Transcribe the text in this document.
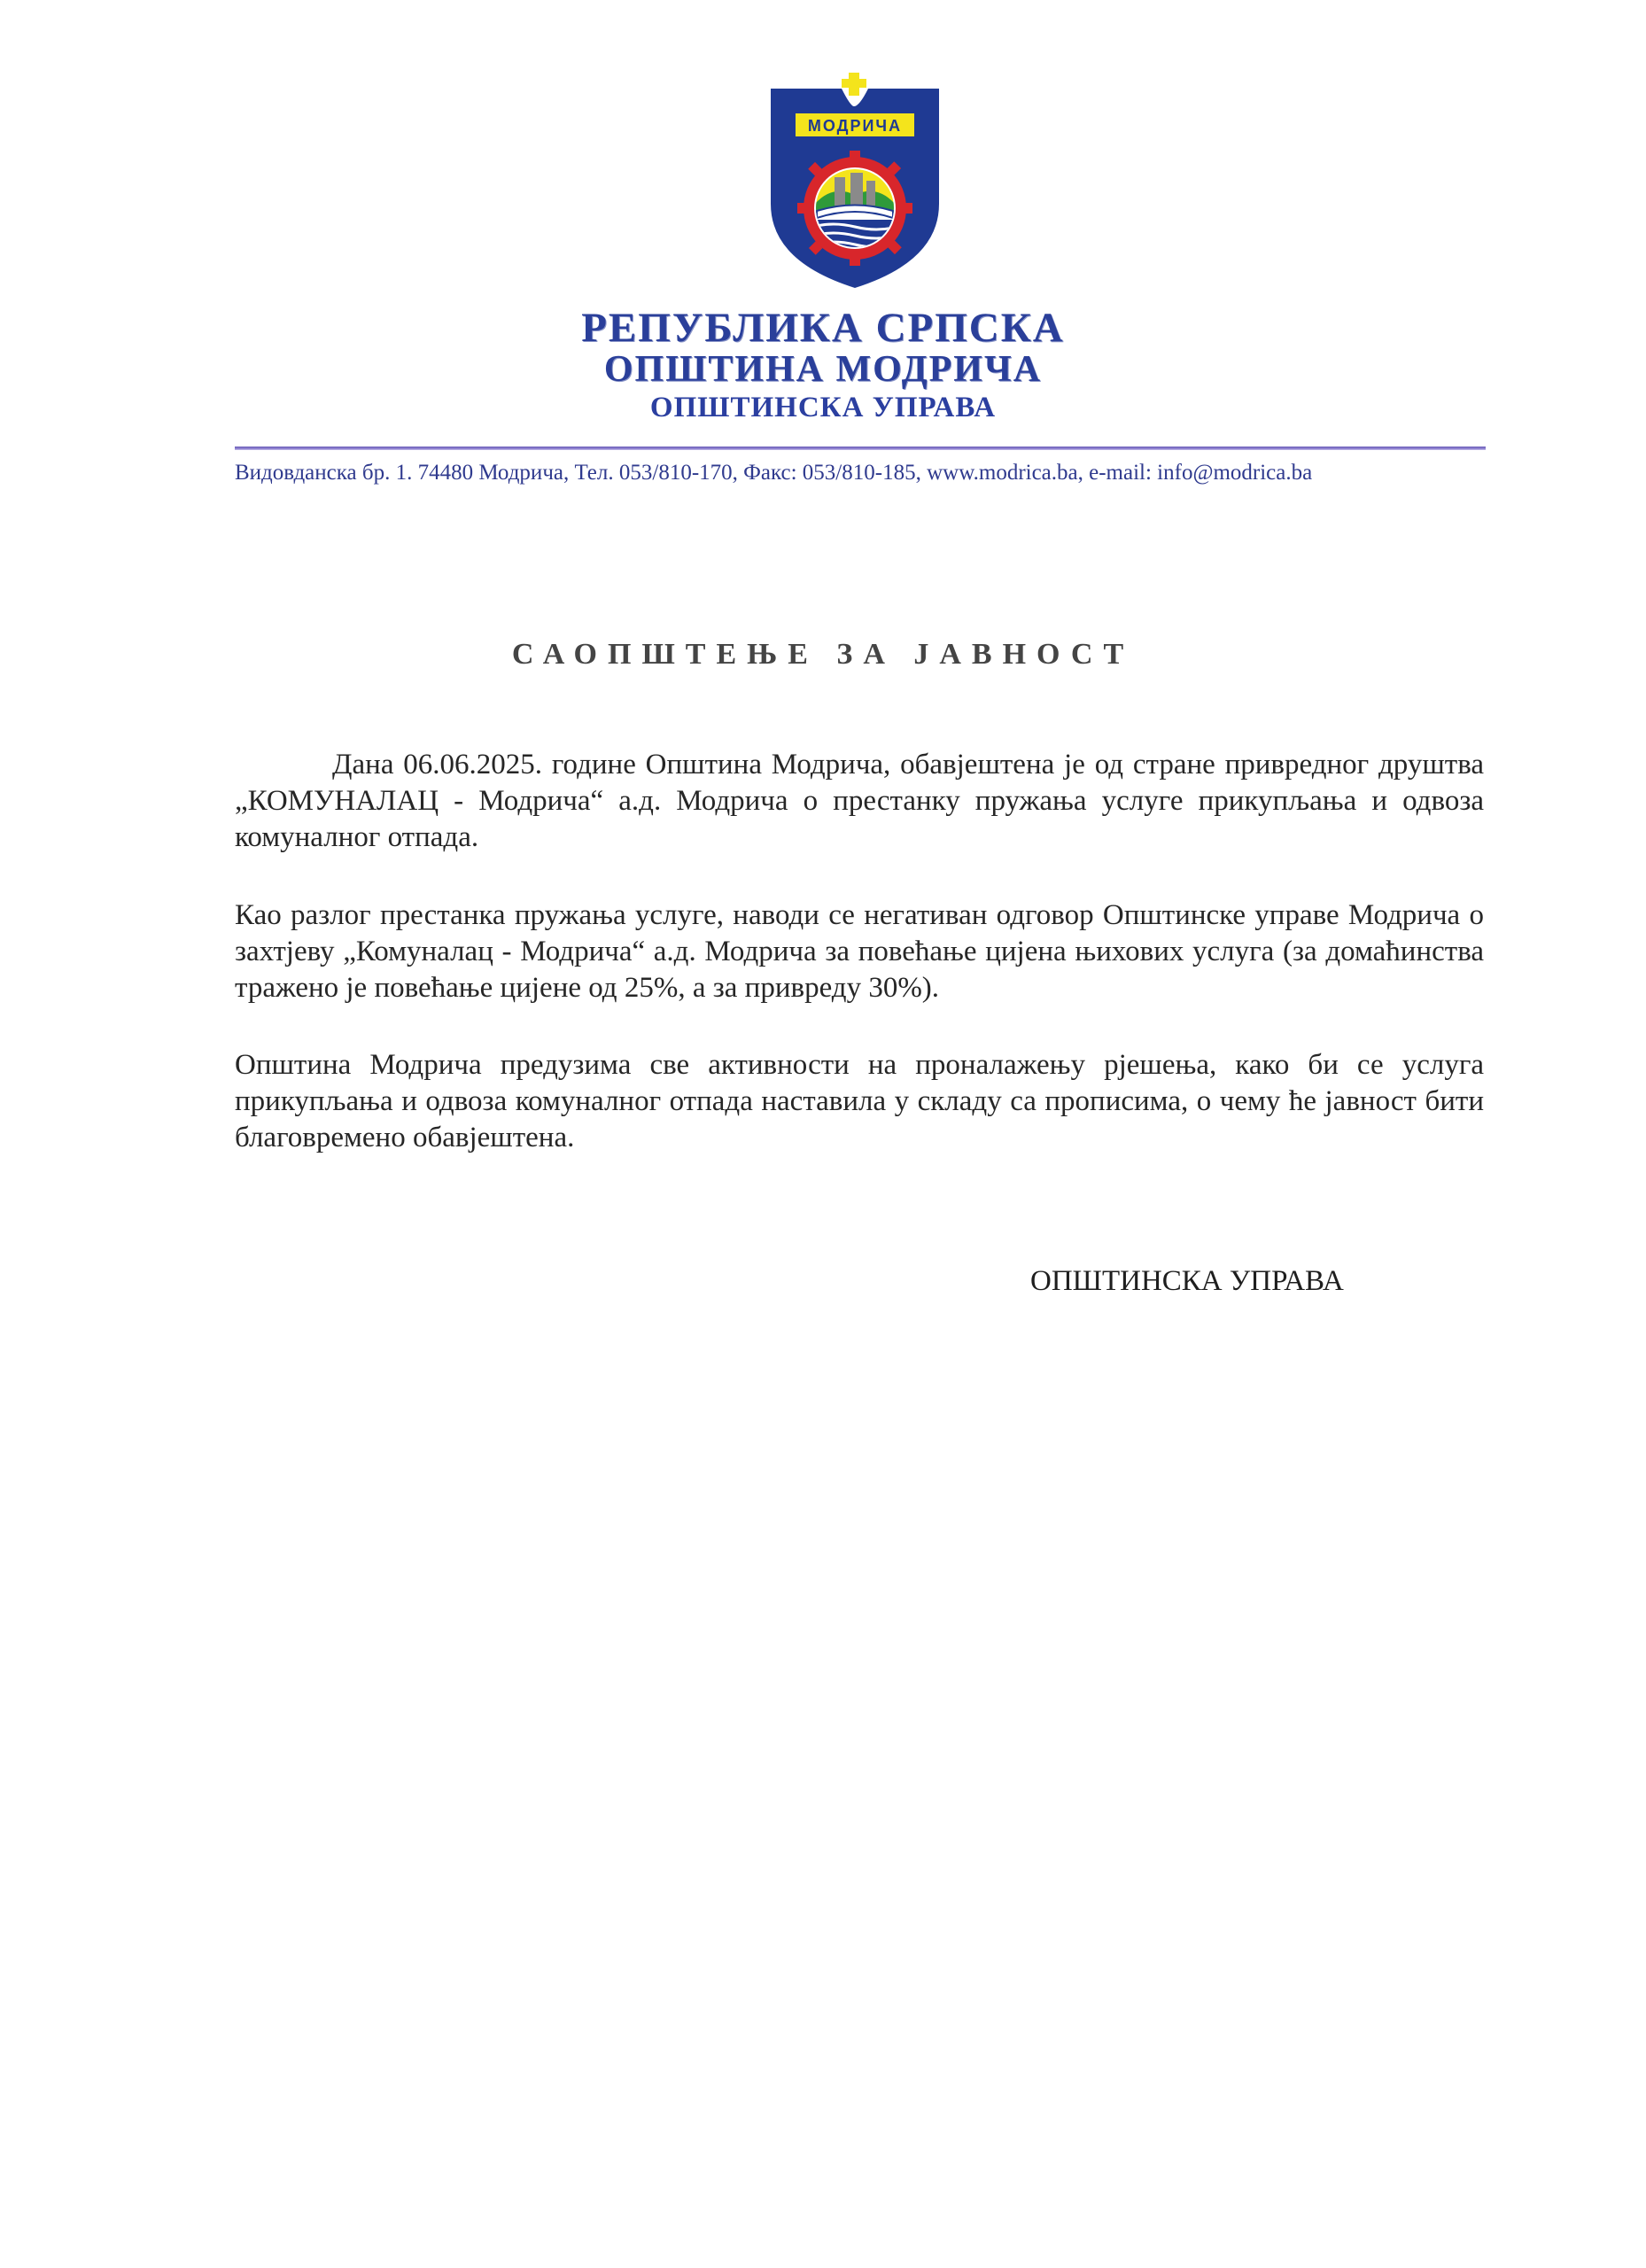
МОДРИЧА
РЕПУБЛИКА СРПСКА
ОПШТИНА МОДРИЧА
ОПШТИНСКА УПРАВА
Видовданска бр. 1. 74480 Модрича, Тел. 053/810-170, Факс: 053/810-185, www.modrica.ba, e-mail: info@modrica.ba
САОПШТЕЊЕ ЗА ЈАВНОСТ

Дана 06.06.2025. године Општина Модрича, обавјештена је од стране привредног друштва „КОМУНАЛАЦ - Модрича“ а.д. Модрича о престанку пружања услуге прикупљања и одвоза комуналног отпада.

Као разлог престанка пружања услуге, наводи се негативан одговор Општинске управе Модрича о захтјеву „Комуналац - Модрича“ а.д. Модрича за повећање цијена њихових услуга (за домаћинства тражено је повећање цијене од 25%, а за привреду 30%).

Општина Модрича предузима све активности на проналажењу рјешења, како би се услуга прикупљања и одвоза комуналног отпада наставила у складу са прописима, о чему ће јавност бити благовремено обавјештена.

ОПШТИНСКА УПРАВА
